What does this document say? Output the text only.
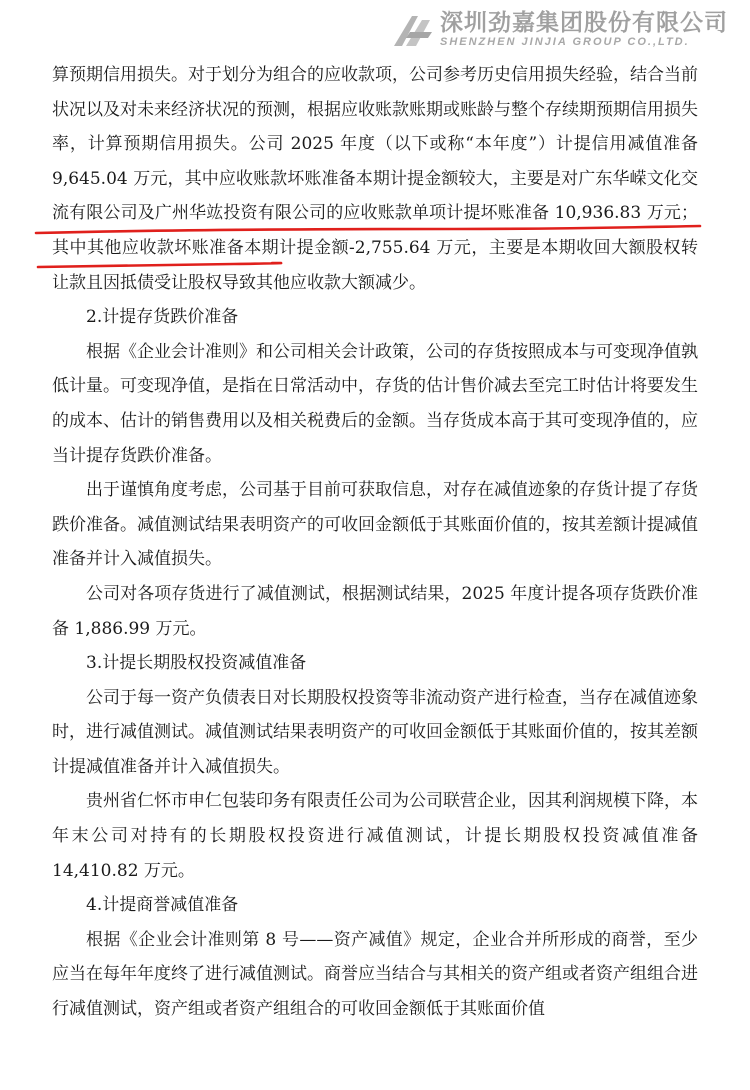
深圳劲嘉集团股份有限公司
SHENZHEN JINJIA GROUP CO.,LTD.

算预期信用损失。对于划分为组合的应收款项，公司参考历史信用损失经验，结合当前状况以及对未来经济状况的预测，根据应收账款账期或账龄与整个存续期预期信用损失率，计算预期信用损失。公司 2025 年度（以下或称“本年度”）计提信用减值准备 9,645.04 万元，其中应收账款坏账准备本期计提金额较大，主要是对广东华嵘文化交流有限公司及广州华竑投资有限公司的应收账款单项计提坏账准备 10,936.83 万元；其中其他应收款坏账准备本期计提金额-2,755.64 万元，主要是本期收回大额股权转让款且因抵债受让股权导致其他应收款大额减少。

2.计提存货跌价准备

根据《企业会计准则》和公司相关会计政策，公司的存货按照成本与可变现净值孰低计量。可变现净值，是指在日常活动中，存货的估计售价减去至完工时估计将要发生的成本、估计的销售费用以及相关税费后的金额。当存货成本高于其可变现净值的，应当计提存货跌价准备。

出于谨慎角度考虑，公司基于目前可获取信息，对存在减值迹象的存货计提了存货跌价准备。减值测试结果表明资产的可收回金额低于其账面价值的，按其差额计提减值准备并计入减值损失。

公司对各项存货进行了减值测试，根据测试结果，2025 年度计提各项存货跌价准备 1,886.99 万元。

3.计提长期股权投资减值准备

公司于每一资产负债表日对长期股权投资等非流动资产进行检查，当存在减值迹象时，进行减值测试。减值测试结果表明资产的可收回金额低于其账面价值的，按其差额计提减值准备并计入减值损失。

贵州省仁怀市申仁包装印务有限责任公司为公司联营企业，因其利润规模下降，本年末公司对持有的长期股权投资进行减值测试，计提长期股权投资减值准备 14,410.82 万元。

4.计提商誉减值准备

根据《企业会计准则第 8 号——资产减值》规定，企业合并所形成的商誉，至少应当在每年年度终了进行减值测试。商誉应当结合与其相关的资产组或者资产组组合进行减值测试，资产组或者资产组组合的可收回金额低于其账面价值
